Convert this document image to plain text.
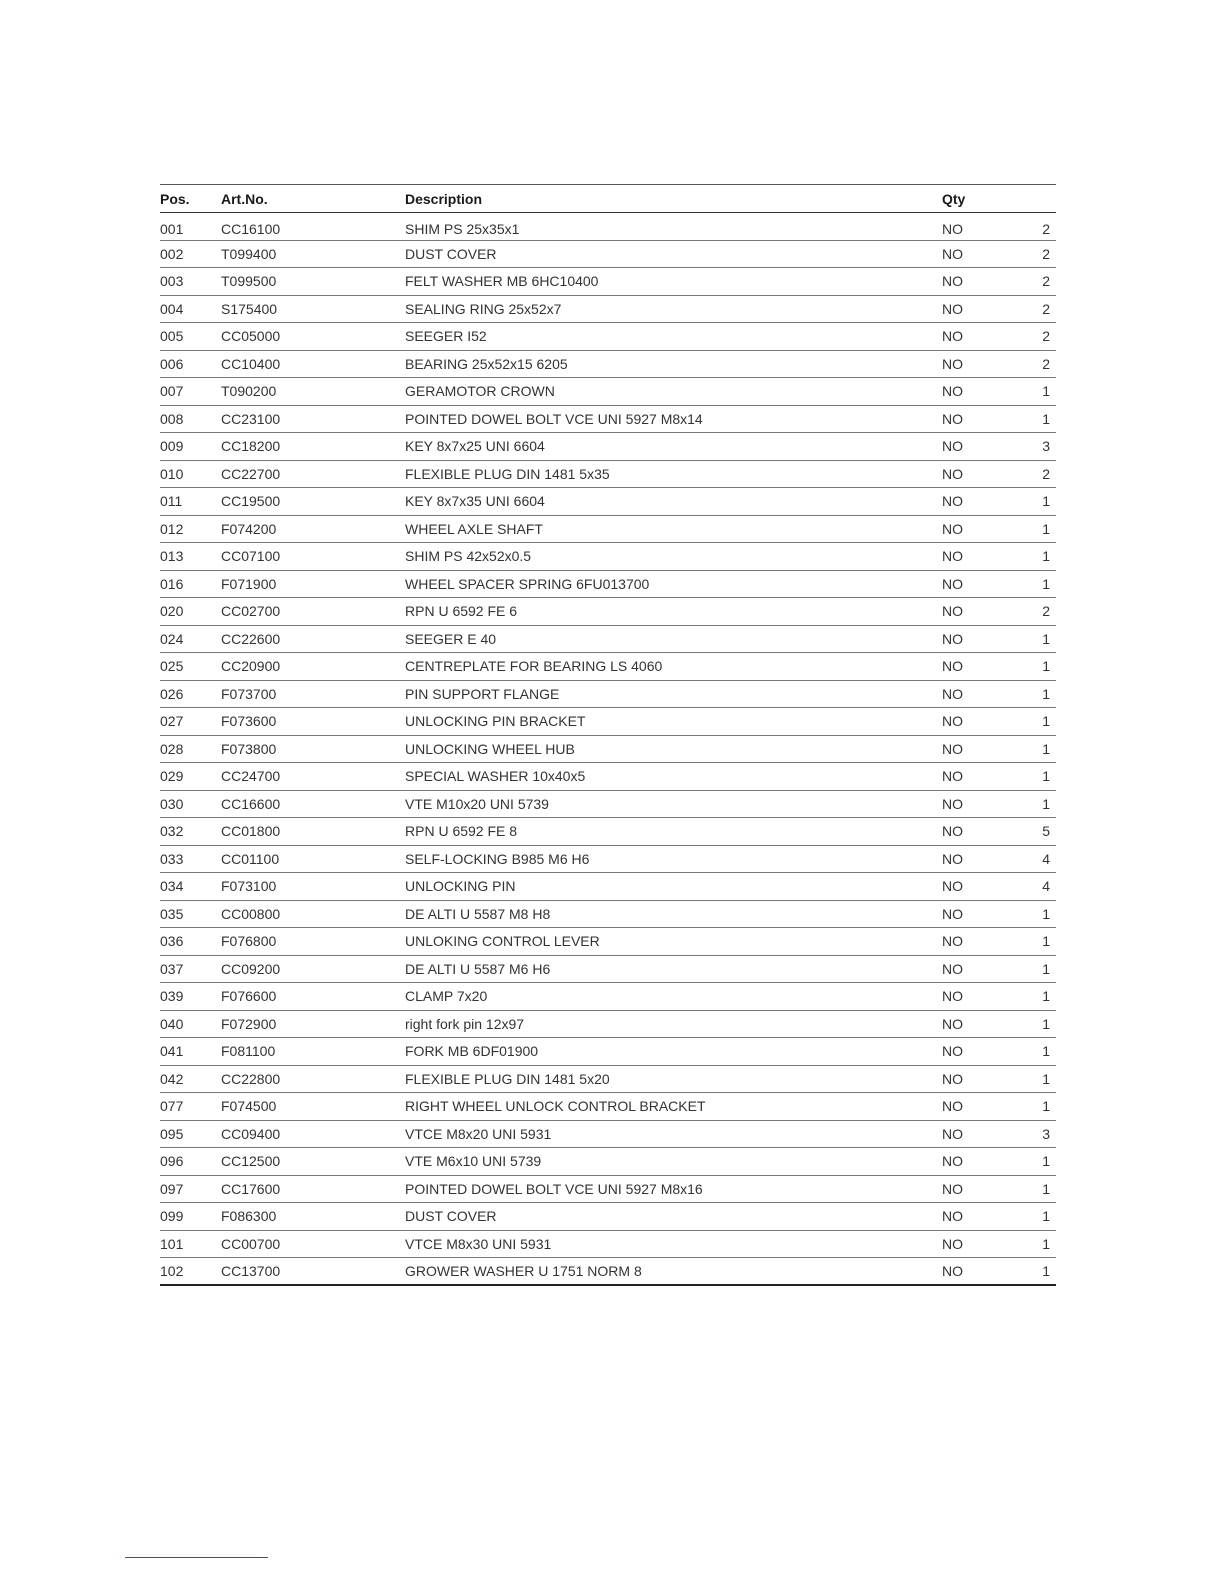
Pos.	Art.No.	Description	Qty	
001	CC16100	SHIM PS 25x35x1	NO	2
002	T099400	DUST COVER	NO	2
003	T099500	FELT WASHER MB 6HC10400	NO	2
004	S175400	SEALING RING 25x52x7	NO	2
005	CC05000	SEEGER I52	NO	2
006	CC10400	BEARING 25x52x15 6205	NO	2
007	T090200	GERAMOTOR CROWN	NO	1
008	CC23100	POINTED DOWEL BOLT VCE UNI 5927 M8x14	NO	1
009	CC18200	KEY 8x7x25 UNI 6604	NO	3
010	CC22700	FLEXIBLE PLUG DIN 1481 5x35	NO	2
011	CC19500	KEY 8x7x35 UNI 6604	NO	1
012	F074200	WHEEL AXLE SHAFT	NO	1
013	CC07100	SHIM PS 42x52x0.5	NO	1
016	F071900	WHEEL SPACER SPRING 6FU013700	NO	1
020	CC02700	RPN U 6592 FE 6	NO	2
024	CC22600	SEEGER E 40	NO	1
025	CC20900	CENTREPLATE FOR BEARING LS 4060	NO	1
026	F073700	PIN SUPPORT FLANGE	NO	1
027	F073600	UNLOCKING PIN BRACKET	NO	1
028	F073800	UNLOCKING WHEEL HUB	NO	1
029	CC24700	SPECIAL WASHER 10x40x5	NO	1
030	CC16600	VTE M10x20 UNI 5739	NO	1
032	CC01800	RPN U 6592 FE 8	NO	5
033	CC01100	SELF-LOCKING B985 M6 H6	NO	4
034	F073100	UNLOCKING PIN	NO	4
035	CC00800	DE ALTI U 5587 M8 H8	NO	1
036	F076800	UNLOKING CONTROL LEVER	NO	1
037	CC09200	DE ALTI U 5587 M6 H6	NO	1
039	F076600	CLAMP 7x20	NO	1
040	F072900	right fork pin 12x97	NO	1
041	F081100	FORK MB 6DF01900	NO	1
042	CC22800	FLEXIBLE PLUG DIN 1481 5x20	NO	1
077	F074500	RIGHT WHEEL UNLOCK CONTROL BRACKET	NO	1
095	CC09400	VTCE M8x20 UNI 5931	NO	3
096	CC12500	VTE M6x10 UNI 5739	NO	1
097	CC17600	POINTED DOWEL BOLT VCE UNI 5927 M8x16	NO	1
099	F086300	DUST COVER	NO	1
101	CC00700	VTCE M8x30 UNI 5931	NO	1
102	CC13700	GROWER WASHER U 1751 NORM 8	NO	1
